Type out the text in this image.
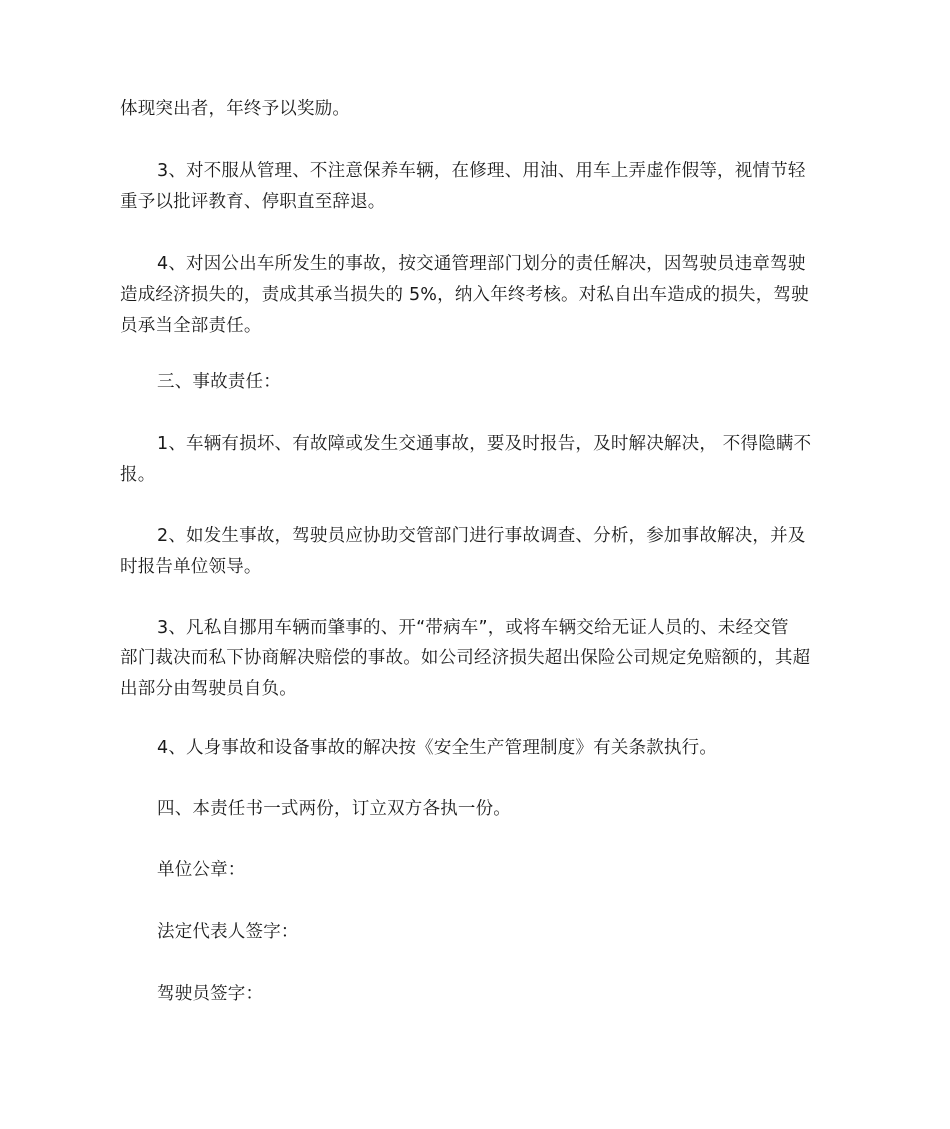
体现突出者，年终予以奖励。
3、对不服从管理、不注意保养车辆，在修理、用油、用车上弄虚作假等，视情节轻
重予以批评教育、停职直至辞退。
4、对因公出车所发生的事故，按交通管理部门划分的责任解决，因驾驶员违章驾驶
造成经济损失的，责成其承当损失的 5%，纳入年终考核。对私自出车造成的损失，驾驶
员承当全部责任。
三、事故责任：
1、车辆有损坏、有故障或发生交通事故，要及时报告，及时解决解决， 不得隐瞒不
报。
2、如发生事故，驾驶员应协助交管部门进行事故调查、分析，参加事故解决，并及
时报告单位领导。
3、凡私自挪用车辆而肇事的、开“带病车”，或将车辆交给无证人员的、未经交管
部门裁决而私下协商解决赔偿的事故。如公司经济损失超出保险公司规定免赔额的，其超
出部分由驾驶员自负。
4、人身事故和设备事故的解决按《安全生产管理制度》有关条款执行。
四、本责任书一式两份，订立双方各执一份。
单位公章：
法定代表人签字：
驾驶员签字：
